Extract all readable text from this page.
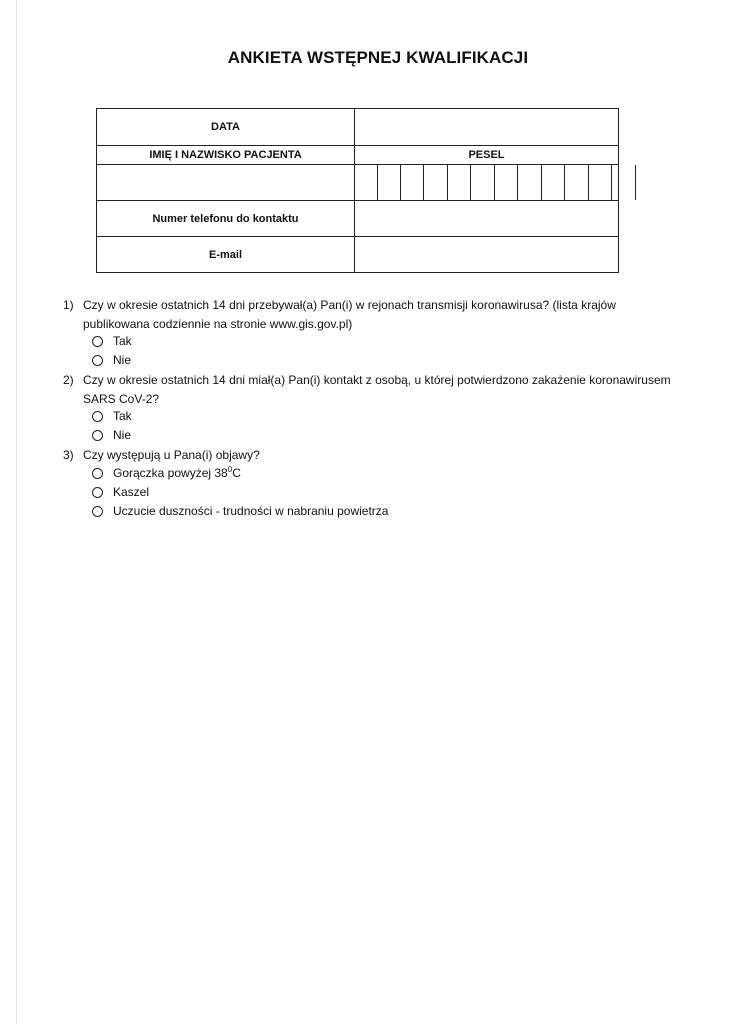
ANKIETA WSTĘPNEJ KWALIFIKACJI
DATA	
IMIĘ I NAZWISKO PACJENTA	PESEL

Numer telefonu do kontaktu	
E-mail	
1) Czy w okresie ostatnich 14 dni przebywał(a) Pan(i) w rejonach transmisji koronawirusa? (lista krajów
publikowana codziennie na stronie www.gis.gov.pl)
Tak
Nie
2) Czy w okresie ostatnich 14 dni miał(a) Pan(i) kontakt z osobą, u której potwierdzono zakażenie koronawirusem
SARS CoV-2?
Tak
Nie
3) Czy występują u Pana(i) objawy?
Gorączka powyżej $38^0C$
Kaszel
Uczucie duszności - trudności w nabraniu powietrza
